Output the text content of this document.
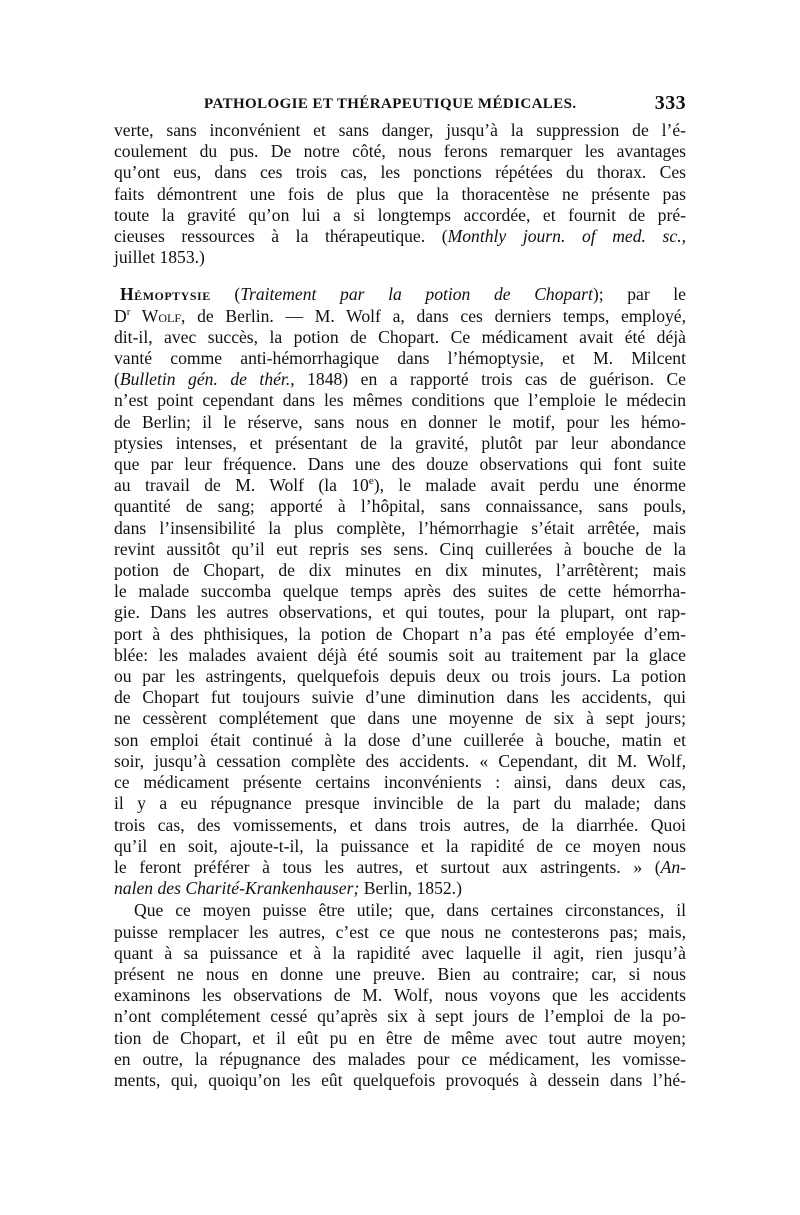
PATHOLOGIE ET THÉRAPEUTIQUE MÉDICALES.	333
verte, sans inconvénient et sans danger, jusqu’à la suppression de l’é-
coulement du pus. De notre côté, nous ferons remarquer les avantages
qu’ont eus, dans ces trois cas, les ponctions répétées du thorax. Ces
faits démontrent une fois de plus que la thoracentèse ne présente pas
toute la gravité qu’on lui a si longtemps accordée, et fournit de pré-
cieuses ressources à la thérapeutique. (Monthly journ. of med. sc.,
juillet 1853.)
Hémoptysie (Traitement par la potion de Chopart); par le
$D^r$ Wolf, de Berlin. — M. Wolf a, dans ces derniers temps, employé,
dit-il, avec succès, la potion de Chopart. Ce médicament avait été déjà
vanté comme anti-hémorrhagique dans l’hémoptysie, et M. Milcent
(Bulletin gén. de thér., 1848) en a rapporté trois cas de guérison. Ce
n’est point cependant dans les mêmes conditions que l’emploie le médecin
de Berlin; il le réserve, sans nous en donner le motif, pour les hémo-
ptysies intenses, et présentant de la gravité, plutôt par leur abondance
que par leur fréquence. Dans une des douze observations qui font suite
au travail de M. Wolf (la 10e), le malade avait perdu une énorme
quantité de sang; apporté à l’hôpital, sans connaissance, sans pouls,
dans l’insensibilité la plus complète, l’hémorrhagie s’était arrêtée, mais
revint aussitôt qu’il eut repris ses sens. Cinq cuillerées à bouche de la
potion de Chopart, de dix minutes en dix minutes, l’arrêtèrent; mais
le malade succomba quelque temps après des suites de cette hémorrha-
gie. Dans les autres observations, et qui toutes, pour la plupart, ont rap-
port à des phthisiques, la potion de Chopart n’a pas été employée d’em-
blée: les malades avaient déjà été soumis soit au traitement par la glace
ou par les astringents, quelquefois depuis deux ou trois jours. La potion
de Chopart fut toujours suivie d’une diminution dans les accidents, qui
ne cessèrent complétement que dans une moyenne de six à sept jours;
son emploi était continué à la dose d’une cuillerée à bouche, matin et
soir, jusqu’à cessation complète des accidents. « Cependant, dit M. Wolf,
ce médicament présente certains inconvénients : ainsi, dans deux cas,
il y a eu répugnance presque invincible de la part du malade; dans
trois cas, des vomissements, et dans trois autres, de la diarrhée. Quoi
qu’il en soit, ajoute-t-il, la puissance et la rapidité de ce moyen nous
le feront préférer à tous les autres, et surtout aux astringents. » (An-
nalen des Charité-Krankenhauser; Berlin, 1852.)
Que ce moyen puisse être utile; que, dans certaines circonstances, il
puisse remplacer les autres, c’est ce que nous ne contesterons pas; mais,
quant à sa puissance et à la rapidité avec laquelle il agit, rien jusqu’à
présent ne nous en donne une preuve. Bien au contraire; car, si nous
examinons les observations de M. Wolf, nous voyons que les accidents
n’ont complétement cessé qu’après six à sept jours de l’emploi de la po-
tion de Chopart, et il eût pu en être de même avec tout autre moyen;
en outre, la répugnance des malades pour ce médicament, les vomisse-
ments, qui, quoiqu’on les eût quelquefois provoqués à dessein dans l’hé-
